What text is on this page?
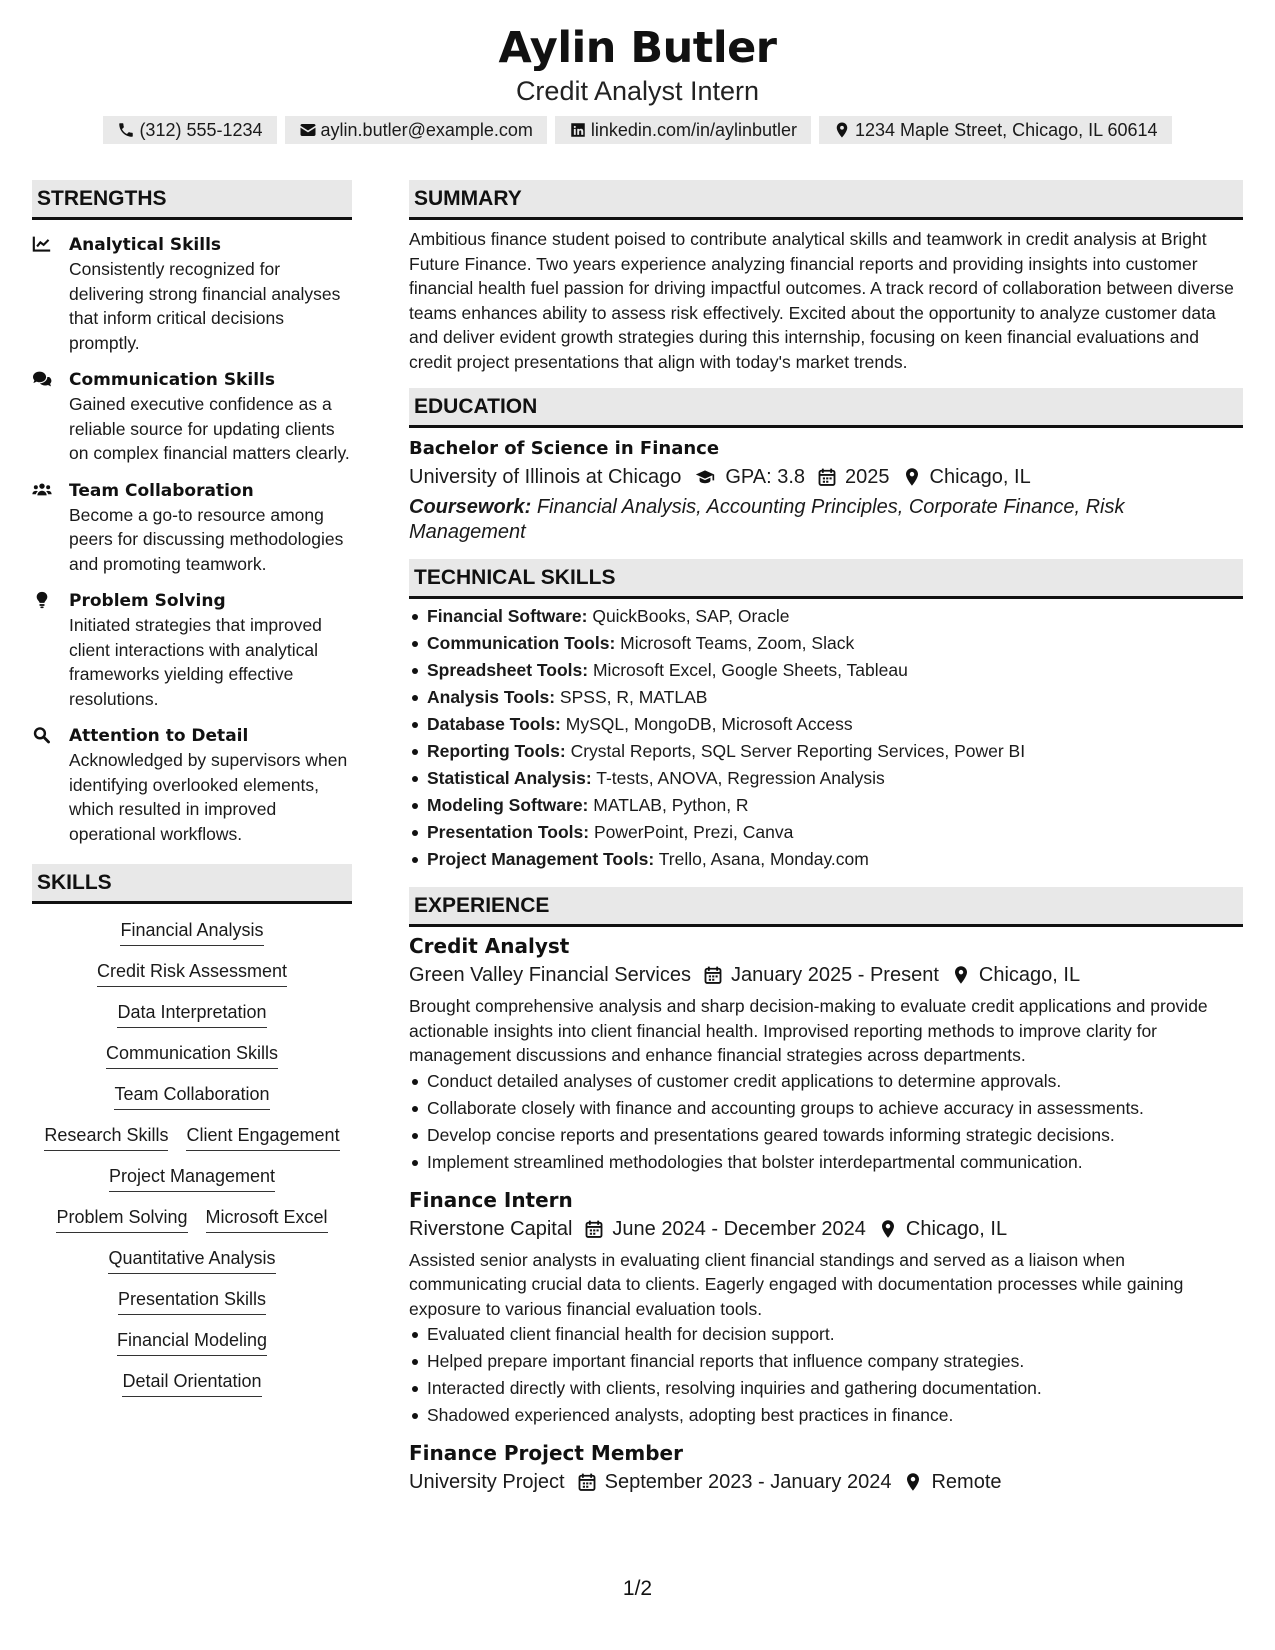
Aylin Butler
Credit Analyst Intern
(312) 555-1234	aylin.butler@example.com	linkedin.com/in/aylinbutler	1234 Maple Street, Chicago, IL 60614
STRENGTHS
Analytical Skills
Consistently recognized for delivering strong financial analyses that inform critical decisions promptly.
Communication Skills
Gained executive confidence as a reliable source for updating clients on complex financial matters clearly.
Team Collaboration
Become a go-to resource among peers for discussing methodologies and promoting teamwork.
Problem Solving
Initiated strategies that improved client interactions with analytical frameworks yielding effective resolutions.
Attention to Detail
Acknowledged by supervisors when identifying overlooked elements, which resulted in improved operational workflows.
SKILLS
Financial Analysis
Credit Risk Assessment
Data Interpretation
Communication Skills
Team Collaboration
Research Skills Client Engagement
Project Management
Problem Solving Microsoft Excel
Quantitative Analysis
Presentation Skills
Financial Modeling
Detail Orientation
SUMMARY
Ambitious finance student poised to contribute analytical skills and teamwork in credit analysis at Bright Future Finance. Two years experience analyzing financial reports and providing insights into customer financial health fuel passion for driving impactful outcomes. A track record of collaboration between diverse teams enhances ability to assess risk effectively. Excited about the opportunity to analyze customer data and deliver evident growth strategies during this internship, focusing on keen financial evaluations and credit project presentations that align with today's market trends.
EDUCATION
Bachelor of Science in Finance
University of Illinois at Chicago GPA: 3.8 2025 Chicago, IL
Coursework: Financial Analysis, Accounting Principles, Corporate Finance, Risk Management
TECHNICAL SKILLS
Financial Software: QuickBooks, SAP, Oracle
Communication Tools: Microsoft Teams, Zoom, Slack
Spreadsheet Tools: Microsoft Excel, Google Sheets, Tableau
Analysis Tools: SPSS, R, MATLAB
Database Tools: MySQL, MongoDB, Microsoft Access
Reporting Tools: Crystal Reports, SQL Server Reporting Services, Power BI
Statistical Analysis: T-tests, ANOVA, Regression Analysis
Modeling Software: MATLAB, Python, R
Presentation Tools: PowerPoint, Prezi, Canva
Project Management Tools: Trello, Asana, Monday.com
EXPERIENCE
Credit Analyst
Green Valley Financial Services January 2025 - Present Chicago, IL
Brought comprehensive analysis and sharp decision-making to evaluate credit applications and provide actionable insights into client financial health. Improvised reporting methods to improve clarity for management discussions and enhance financial strategies across departments.
Conduct detailed analyses of customer credit applications to determine approvals.
Collaborate closely with finance and accounting groups to achieve accuracy in assessments.
Develop concise reports and presentations geared towards informing strategic decisions.
Implement streamlined methodologies that bolster interdepartmental communication.
Finance Intern
Riverstone Capital June 2024 - December 2024 Chicago, IL
Assisted senior analysts in evaluating client financial standings and served as a liaison when communicating crucial data to clients. Eagerly engaged with documentation processes while gaining exposure to various financial evaluation tools.
Evaluated client financial health for decision support.
Helped prepare important financial reports that influence company strategies.
Interacted directly with clients, resolving inquiries and gathering documentation.
Shadowed experienced analysts, adopting best practices in finance.
Finance Project Member
University Project September 2023 - January 2024 Remote
1/2
